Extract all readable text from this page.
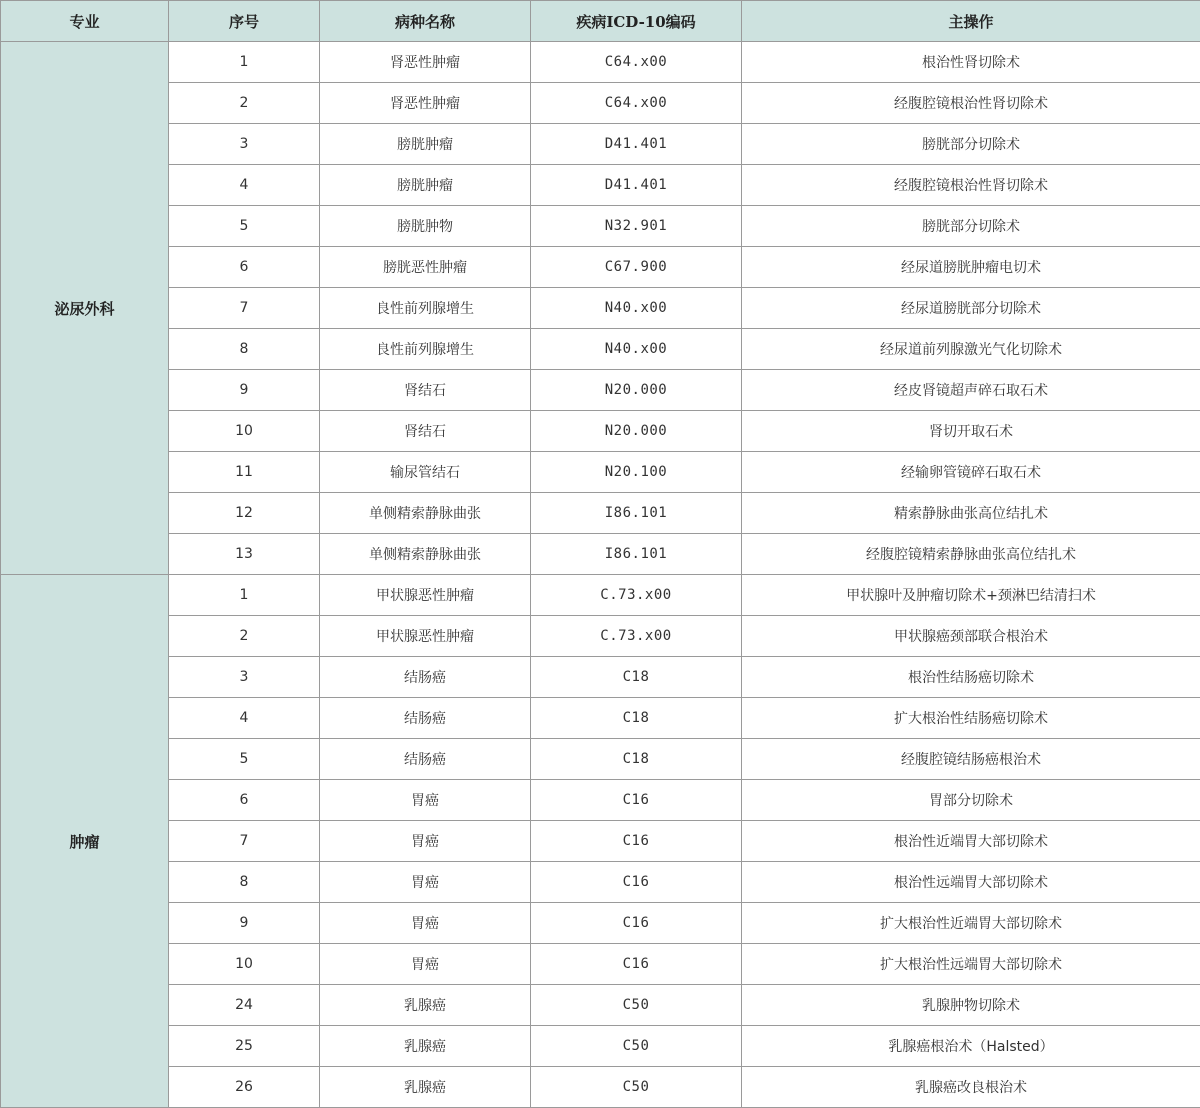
专业	序号	病种名称	疾病ICD-10编码	主操作
泌尿外科	1	肾恶性肿瘤	C64.x00	根治性肾切除术
	2	肾恶性肿瘤	C64.x00	经腹腔镜根治性肾切除术
	3	膀胱肿瘤	D41.401	膀胱部分切除术
	4	膀胱肿瘤	D41.401	经腹腔镜根治性肾切除术
	5	膀胱肿物	N32.901	膀胱部分切除术
	6	膀胱恶性肿瘤	C67.900	经尿道膀胱肿瘤电切术
	7	良性前列腺增生	N40.x00	经尿道膀胱部分切除术
	8	良性前列腺增生	N40.x00	经尿道前列腺激光气化切除术
	9	肾结石	N20.000	经皮肾镜超声碎石取石术
	10	肾结石	N20.000	肾切开取石术
	11	输尿管结石	N20.100	经输卵管镜碎石取石术
	12	单侧精索静脉曲张	I86.101	精索静脉曲张高位结扎术
	13	单侧精索静脉曲张	I86.101	经腹腔镜精索静脉曲张高位结扎术
肿瘤	1	甲状腺恶性肿瘤	C.73.x00	甲状腺叶及肿瘤切除术+颈淋巴结清扫术
	2	甲状腺恶性肿瘤	C.73.x00	甲状腺癌颈部联合根治术
	3	结肠癌	C18	根治性结肠癌切除术
	4	结肠癌	C18	扩大根治性结肠癌切除术
	5	结肠癌	C18	经腹腔镜结肠癌根治术
	6	胃癌	C16	胃部分切除术
	7	胃癌	C16	根治性近端胃大部切除术
	8	胃癌	C16	根治性远端胃大部切除术
	9	胃癌	C16	扩大根治性近端胃大部切除术
	10	胃癌	C16	扩大根治性远端胃大部切除术
	24	乳腺癌	C50	乳腺肿物切除术
	25	乳腺癌	C50	乳腺癌根治术（Halsted）
	26	乳腺癌	C50	乳腺癌改良根治术
